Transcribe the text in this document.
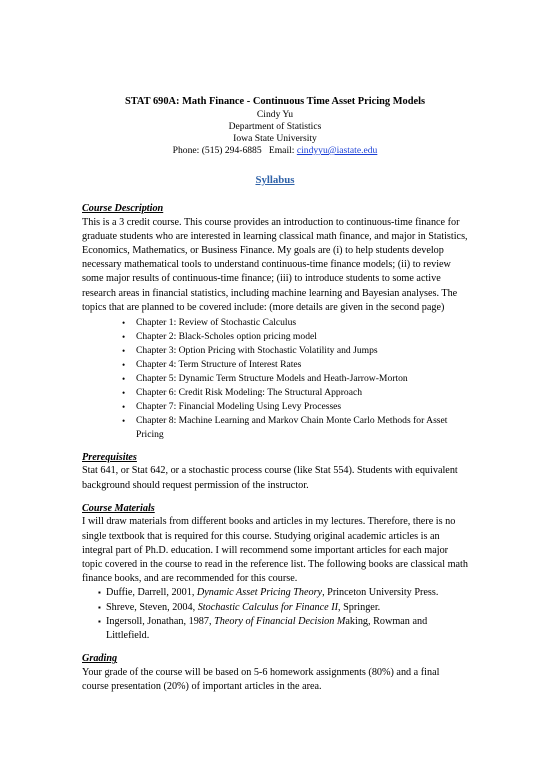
STAT 690A: Math Finance - Continuous Time Asset Pricing Models
Cindy Yu
Department of Statistics
Iowa State University
Phone: (515) 294-6885 Email: cindyyu@iastate.edu
Syllabus
Course Description

This is a 3 credit course. This course provides an introduction to continuous-time finance for graduate students who are interested in learning classical math finance, and major in Statistics, Economics, Mathematics, or Business Finance. My goals are (i) to help students develop necessary mathematical tools to understand continuous-time finance models; (ii) to review some major results of continuous-time finance; (iii) to introduce students to some active research areas in financial statistics, including machine learning and Bayesian analyses. The topics that are planned to be covered include: (more details are given in the second page)

• Chapter 1: Review of Stochastic Calculus
• Chapter 2: Black-Scholes option pricing model
• Chapter 3: Option Pricing with Stochastic Volatility and Jumps
• Chapter 4: Term Structure of Interest Rates
• Chapter 5: Dynamic Term Structure Models and Heath-Jarrow-Morton
• Chapter 6: Credit Risk Modeling: The Structural Approach
• Chapter 7: Financial Modeling Using Levy Processes
• Chapter 8: Machine Learning and Markov Chain Monte Carlo Methods for Asset Pricing
Prerequisites

Stat 641, or Stat 642, or a stochastic process course (like Stat 554). Students with equivalent background should request permission of the instructor.

Course Materials

I will draw materials from different books and articles in my lectures. Therefore, there is no single textbook that is required for this course. Studying original academic articles is an integral part of Ph.D. education. I will recommend some important articles for each major topic covered in the course to read in the reference list. The following books are classical math finance books, and are recommended for this course.

▪ Duffie, Darrell, 2001, Dynamic Asset Pricing Theory, Princeton University Press.
▪ Shreve, Steven, 2004, Stochastic Calculus for Finance II, Springer.
▪ Ingersoll, Jonathan, 1987, Theory of Financial Decision Making, Rowman and Littlefield.
Grading

Your grade of the course will be based on 5-6 homework assignments (80%) and a final course presentation (20%) of important articles in the area.
